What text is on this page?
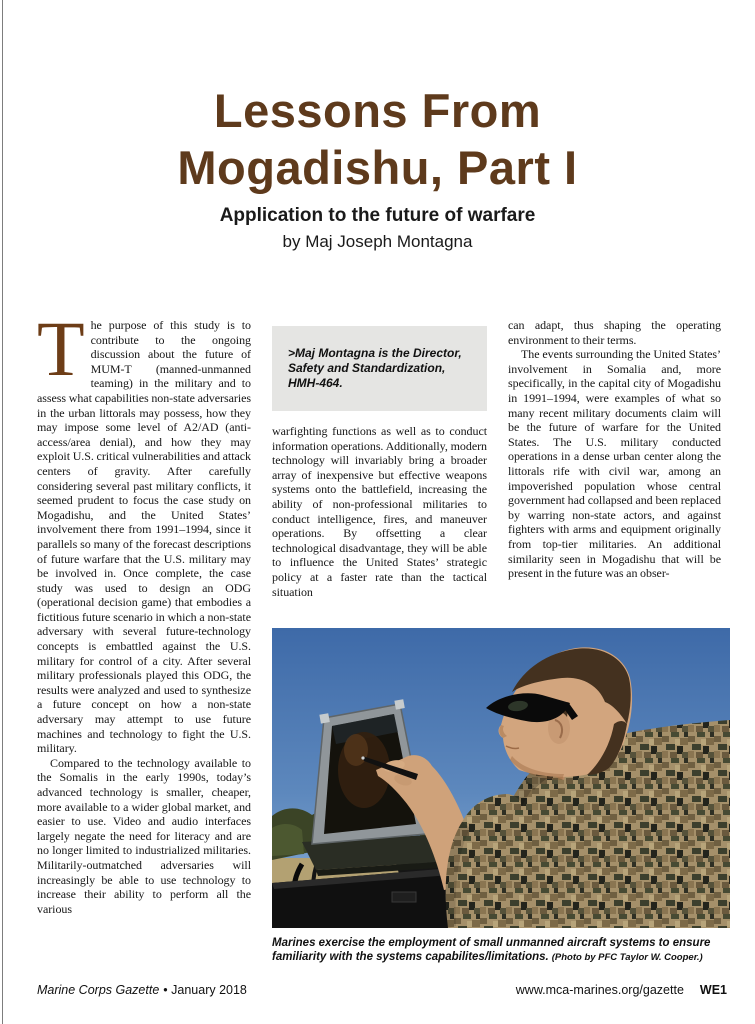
Web Edition (Irregular Warfare)
Lessons From
Mogadishu, Part I
Application to the future of warfare
by Maj Joseph Montagna

The purpose of this study is to contribute to the ongoing discussion about the future of MUM-T (manned-unmanned teaming) in the military and to assess what capabilities non-state adversaries in the urban littorals may possess, how they may impose some level of A2/AD (anti-access/area denial), and how they may exploit U.S. critical vulnerabilities and attack centers of gravity. After carefully considering several past military conflicts, it seemed prudent to focus the case study on Mogadishu, and the United States’ involvement there from 1991–1994, since it parallels so many of the forecast descriptions of future warfare that the U.S. military may be involved in. Once complete, the case study was used to design an ODG (operational decision game) that embodies a fictitious future scenario in which a non-state adversary with several future-technology concepts is embattled against the U.S. military for control of a city. After several military professionals played this ODG, the results were analyzed and used to synthesize a future concept on how a non-state adversary may attempt to use future machines and technology to fight the U.S. military.

Compared to the technology available to the Somalis in the early 1990s, today’s advanced technology is smaller, cheaper, more available to a wider global market, and easier to use. Video and audio interfaces largely negate the need for literacy and are no longer limited to industrialized militaries. Militarily-outmatched adversaries will increasingly be able to use technology to increase their ability to perform all the various

>Maj Montagna is the Director, Safety and Standardization, HMH-464.

warfighting functions as well as to conduct information operations. Additionally, modern technology will invariably bring a broader array of inexpensive but effective weapons systems onto the battlefield, increasing the ability of non-professional militaries to conduct intelligence, fires, and maneuver operations. By offsetting a clear technological disadvantage, they will be able to influence the United States’ strategic policy at a faster rate than the tactical situation

can adapt, thus shaping the operating environment to their terms.

The events surrounding the United States’ involvement in Somalia and, more specifically, in the capital city of Mogadishu in 1991–1994, were examples of what so many recent military documents claim will be the future of warfare for the United States. The U.S. military conducted operations in a dense urban center along the littorals rife with civil war, among an impoverished population whose central government had collapsed and been replaced by warring non-state actors, and against fighters with arms and equipment originally from top-tier militaries. An additional similarity seen in Mogadishu that will be present in the future was an obser-

Marines exercise the employment of small unmanned aircraft systems to ensure familiarity with the systems capabilites/limitations. (Photo by PFC Taylor W. Cooper.)
Marine Corps Gazette • January 2018	www.mca-marines.org/gazette WE1
